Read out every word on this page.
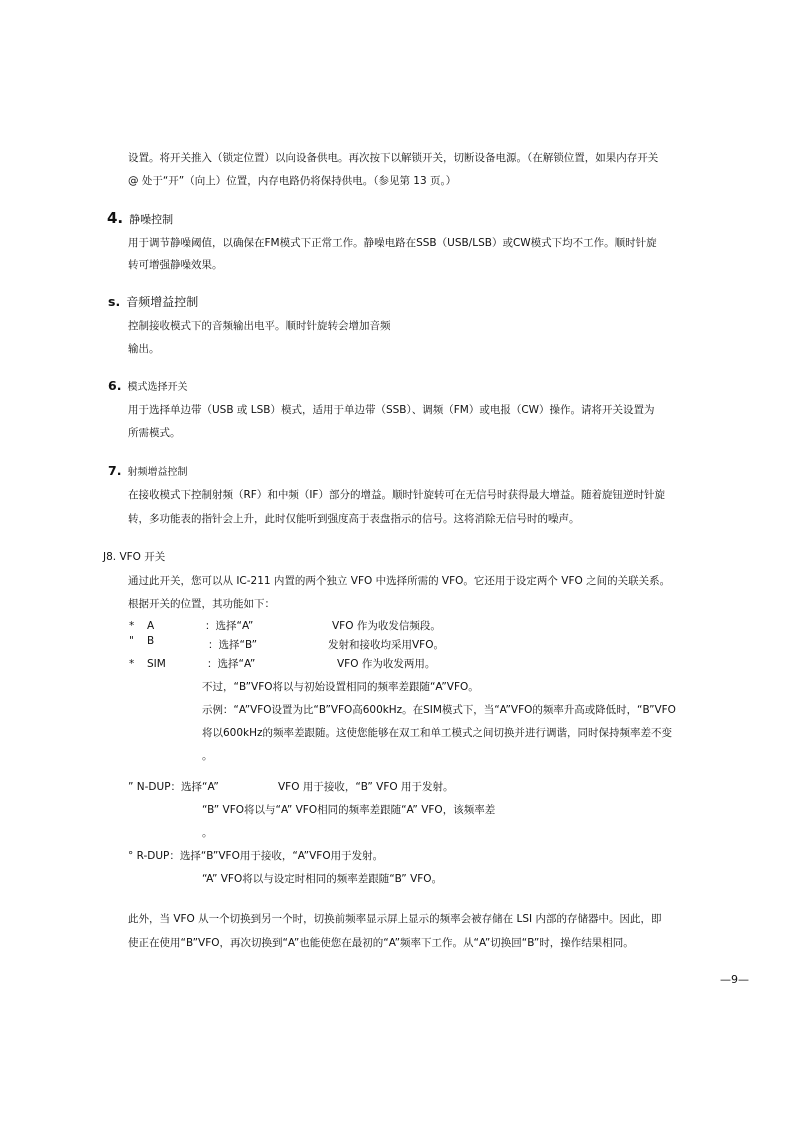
设置。将开关推入（锁定位置）以向设备供电。再次按下以解锁开关，切断设备电源。（在解锁位置，如果内存开关
@ 处于“开”（向上）位置，内存电路仍将保持供电。（参见第 13 页。）
4. 静噪控制
用于调节静噪阈值，以确保在FM模式下正常工作。静噪电路在SSB（USB/LSB）或CW模式下均不工作。顺时针旋
转可增强静噪效果。
s. 音频增益控制
控制接收模式下的音频输出电平。顺时针旋转会增加音频
输出。
6. 模式选择开关
用于选择单边带（USB 或 LSB）模式，适用于单边带（SSB）、调频（FM）或电报（CW）操作。请将开关设置为
所需模式。
7. 射频增益控制
在接收模式下控制射频（RF）和中频（IF）部分的增益。顺时针旋转可在无信号时获得最大增益。随着旋钮逆时针旋
转，多功能表的指针会上升，此时仅能听到强度高于表盘指示的信号。这将消除无信号时的噪声。
J8. VFO 开关
通过此开关，您可以从 IC-211 内置的两个独立 VFO 中选择所需的 VFO。它还用于设定两个 VFO 之间的关联关系。
根据开关的位置，其功能如下：
* A	：选择“A”	VFO 作为收发信频段。
" B	：选择“B”	发射和接收均采用VFO。
* SIM	：选择“A”	VFO 作为收发两用。
不过，“B”VFO将以与初始设置相同的频率差跟随“A”VFO。
示例：“A”VFO设置为比“B”VFO高600kHz。在SIM模式下，当“A”VFO的频率升高或降低时，“B”VFO
将以600kHz的频率差跟随。这使您能够在双工和单工模式之间切换并进行调谐，同时保持频率差不变
。
” N-DUP：选择“A”	VFO 用于接收，“B” VFO 用于发射。
“B” VFO将以与“A” VFO相同的频率差跟随“A” VFO，该频率差
。
° R-DUP：选择“B”VFO用于接收，“A”VFO用于发射。
“A” VFO将以与设定时相同的频率差跟随“B” VFO。
此外，当 VFO 从一个切换到另一个时，切换前频率显示屏上显示的频率会被存储在 LSI 内部的存储器中。因此，即
使正在使用“B”VFO，再次切换到“A”也能使您在最初的“A”频率下工作。从“A”切换回“B”时，操作结果相同。
—9—
